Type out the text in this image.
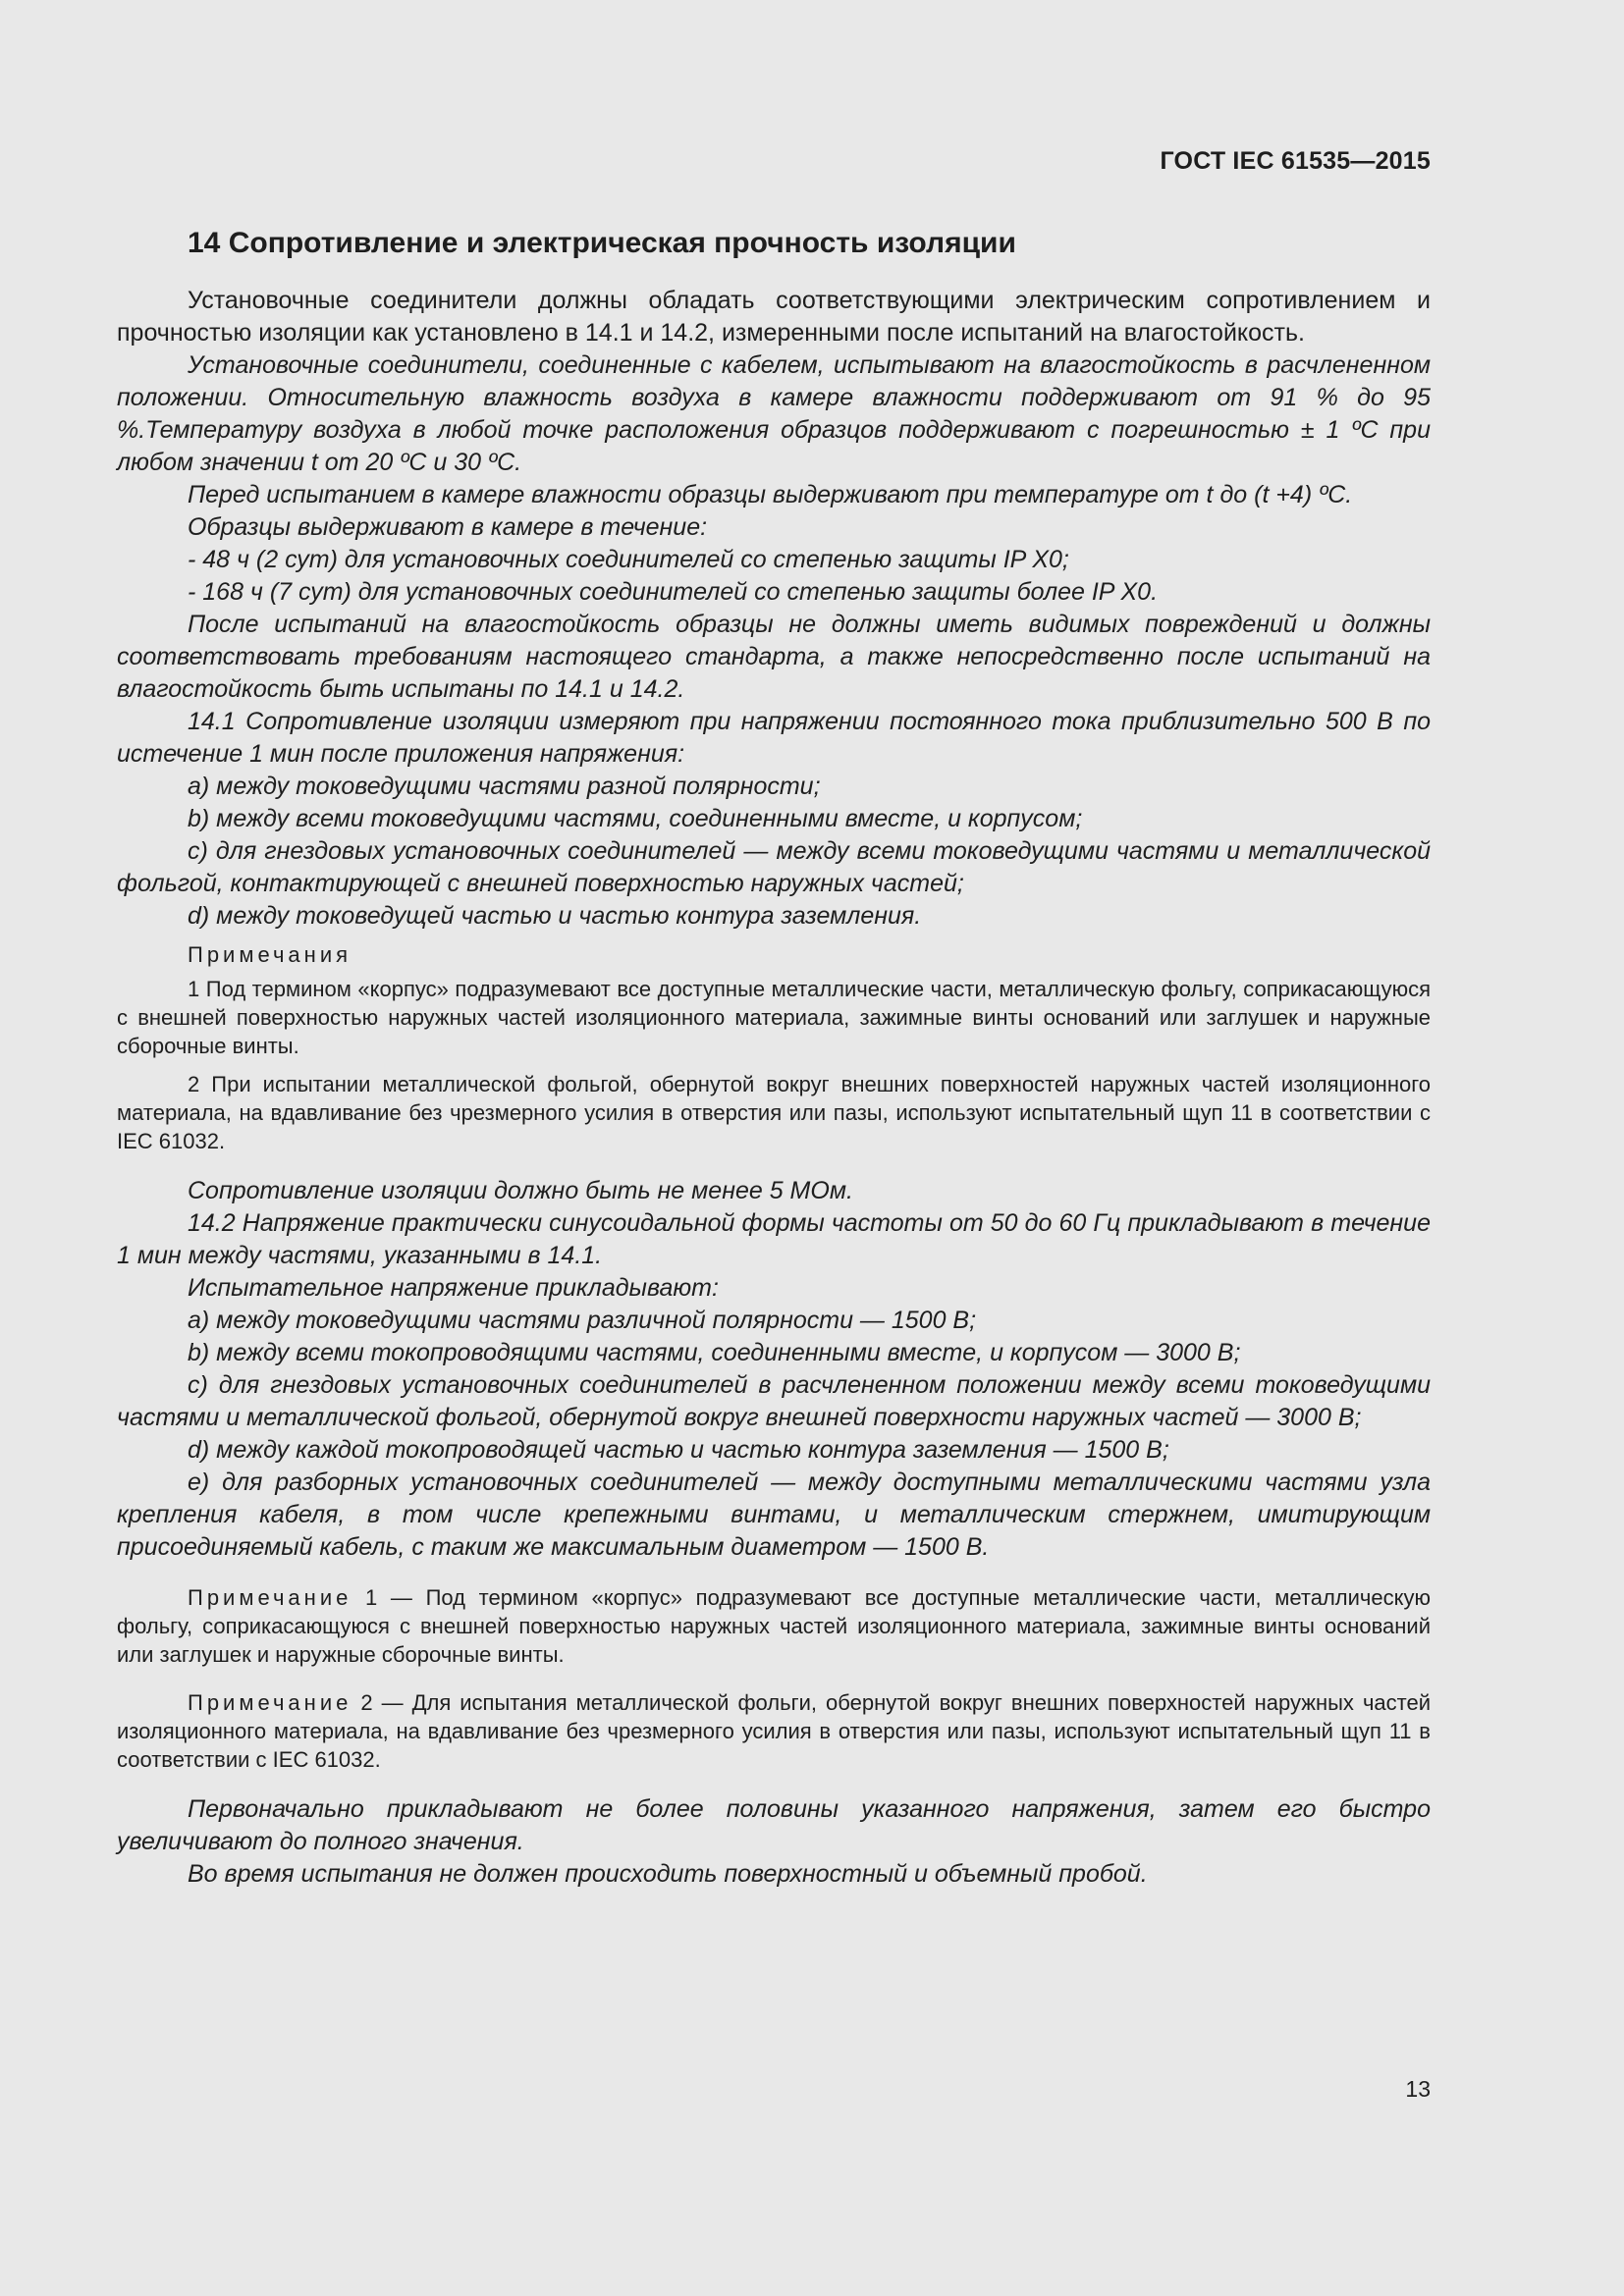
ГОСТ IEC 61535—2015
14 Сопротивление и электрическая прочность изоляции

Установочные соединители должны обладать соответствующими электрическим сопротивлением и прочностью изоляции как установлено в 14.1 и 14.2, измеренными после испытаний на влагостойкость.

Установочные соединители, соединенные с кабелем, испытывают на влагостойкость в расчлененном положении. Относительную влажность воздуха в камере влажности поддерживают от 91 % до 95 %.Температуру воздуха в любой точке расположения образцов поддерживают с погрешностью ± 1 ºC при любом значении t от 20 ºC и 30 ºC.

Перед испытанием в камере влажности образцы выдерживают при температуре от t до (t +4) ºC.

Образцы выдерживают в камере в течение:

- 48 ч (2 сут) для установочных соединителей со степенью защиты IP X0;

- 168 ч (7 сут) для установочных соединителей со степенью защиты более IP X0.

После испытаний на влагостойкость образцы не должны иметь видимых повреждений и должны соответствовать требованиям настоящего стандарта, а также непосредственно после испытаний на влагостойкость быть испытаны по 14.1 и 14.2.

14.1 Сопротивление изоляции измеряют при напряжении постоянного тока приблизительно 500 В по истечение 1 мин после приложения напряжения:

a) между токоведущими частями разной полярности;

b) между всеми токоведущими частями, соединенными вместе, и корпусом;

c) для гнездовых установочных соединителей — между всеми токоведущими частями и металлической фольгой, контактирующей с внешней поверхностью наружных частей;

d) между токоведущей частью и частью контура заземления.

Примечания

1 Под термином «корпус» подразумевают все доступные металлические части, металлическую фольгу, соприкасающуюся с внешней поверхностью наружных частей изоляционного материала, зажимные винты оснований или заглушек и наружные сборочные винты.

2 При испытании металлической фольгой, обернутой вокруг внешних поверхностей наружных частей изоляционного материала, на вдавливание без чрезмерного усилия в отверстия или пазы, используют испытательный щуп 11 в соответствии с IEC 61032.

Сопротивление изоляции должно быть не менее 5 МОм.

14.2 Напряжение практически синусоидальной формы частоты от 50 до 60 Гц прикладывают в течение 1 мин между частями, указанными в 14.1.

Испытательное напряжение прикладывают:

a) между токоведущими частями различной полярности — 1500 В;

b) между всеми токопроводящими частями, соединенными вместе, и корпусом — 3000 В;

c) для гнездовых установочных соединителей в расчлененном положении между всеми токоведущими частями и металлической фольгой, обернутой вокруг внешней поверхности наружных частей — 3000 В;

d) между каждой токопроводящей частью и частью контура заземления — 1500 В;

e) для разборных установочных соединителей — между доступными металлическими частями узла крепления кабеля, в том числе крепежными винтами, и металлическим стержнем, имитирующим присоединяемый кабель, с таким же максимальным диаметром — 1500 В.

Примечание 1 — Под термином «корпус» подразумевают все доступные металлические части, металлическую фольгу, соприкасающуюся с внешней поверхностью наружных частей изоляционного материала, зажимные винты оснований или заглушек и наружные сборочные винты.

Примечание 2 — Для испытания металлической фольги, обернутой вокруг внешних поверхностей наружных частей изоляционного материала, на вдавливание без чрезмерного усилия в отверстия или пазы, используют испытательный щуп 11 в соответствии с IEC 61032.

Первоначально прикладывают не более половины указанного напряжения, затем его быстро увеличивают до полного значения.

Во время испытания не должен происходить поверхностный и объемный пробой.

13
